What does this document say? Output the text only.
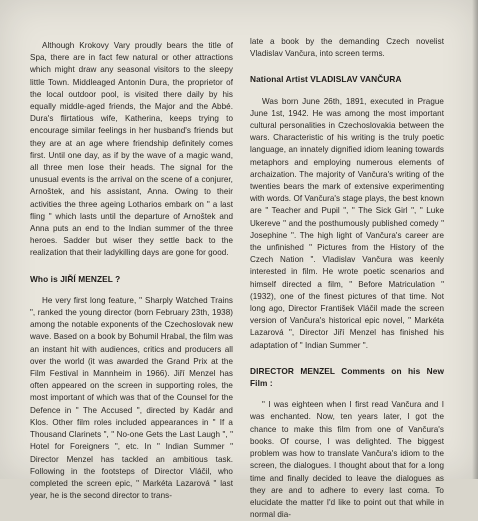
Although Krokovy Vary proudly bears the title of Spa, there are in fact few natural or other attractions which might draw any seasonal visitors to the sleepy little Town. Middleaged Antonin Dura, the proprietor of the local outdoor pool, is visited there daily by his equally middle-aged friends, the Major and the Abbé. Dura's flirtatious wife, Katherina, keeps trying to encourage similar feelings in her husband's friends but they are at an age where friendship definitely comes first. Until one day, as if by the wave of a magic wand, all three men lose their heads. The signal for the unusual events is the arrival on the scene of a conjurer, Arnoštek, and his assistant, Anna. Owing to their activities the three ageing Lotharios embark on " a last fling " which lasts until the departure of Arnoštek and Anna puts an end to the Indian summer of the three heroes. Sadder but wiser they settle back to the realization that their ladykilling days are gone for good.

Who is JIŘÍ MENZEL ?

He very first long feature, " Sharply Watched Trains ", ranked the young director (born February 23th, 1938) among the notable exponents of the Czechoslovak new wave. Based on a book by Bohumil Hrabal, the film was an instant hit with audiences, critics and producers all over the world (it was awarded the Grand Prix at the Film Festival in Mannheim in 1966). Jiří Menzel has often appeared on the screen in supporting roles, the most important of which was that of the Counsel for the Defence in " The Accused ", directed by Kadár and Klos. Other film roles included appearances in " If a Thousand Clarinets ", " No-one Gets the Last Laugh ", " Hotel for Foreigners ", etc. In " Indian Summer " Director Menzel has tackled an ambitious task. Following in the footsteps of Director Vláčil, who completed the screen epic, " Markéta Lazarová " last year, he is the second director to trans-

late a book by the demanding Czech novelist Vladislav Vančura, into screen terms.

National Artist VLADISLAV VANČURA

Was born June 26th, 1891, executed in Prague June 1st, 1942. He was among the most important cultural personalities in Czechoslovakia between the wars. Characteristic of his writing is the truly poetic language, an innately dignified idiom leaning towards metaphors and employing numerous elements of archaization. The majority of Vančura's writing of the twenties bears the mark of extensive experimenting with words. Of Vančura's stage plays, the best known are " Teacher and Pupil ", " The Sick Girl ", " Luke Ukereve " and the posthumously published comedy " Josephine ". The high light of Vančura's career are the unfinished " Pictures from the History of the Czech Nation ". Vladislav Vančura was keenly interested in film. He wrote poetic scenarios and himself directed a film, " Before Matriculation " (1932), one of the finest pictures of that time. Not long ago, Director František Vláčil made the screen version of Vančura's historical epic novel, " Markéta Lazarová ", Director Jiří Menzel has finished his adaptation of " Indian Summer ".

DIRECTOR MENZEL Comments on his New Film :

" I was eighteen when I first read Vančura and I was enchanted. Now, ten years later, I got the chance to make this film from one of Vančura's books. Of course, I was delighted. The biggest problem was how to translate Vančura's idiom to the screen, the dialogues. I thought about that for a long time and finally decided to leave the dialogues as they are and to adhere to every last coma. To elucidate the matter I'd like to point out that while in normal dia-
